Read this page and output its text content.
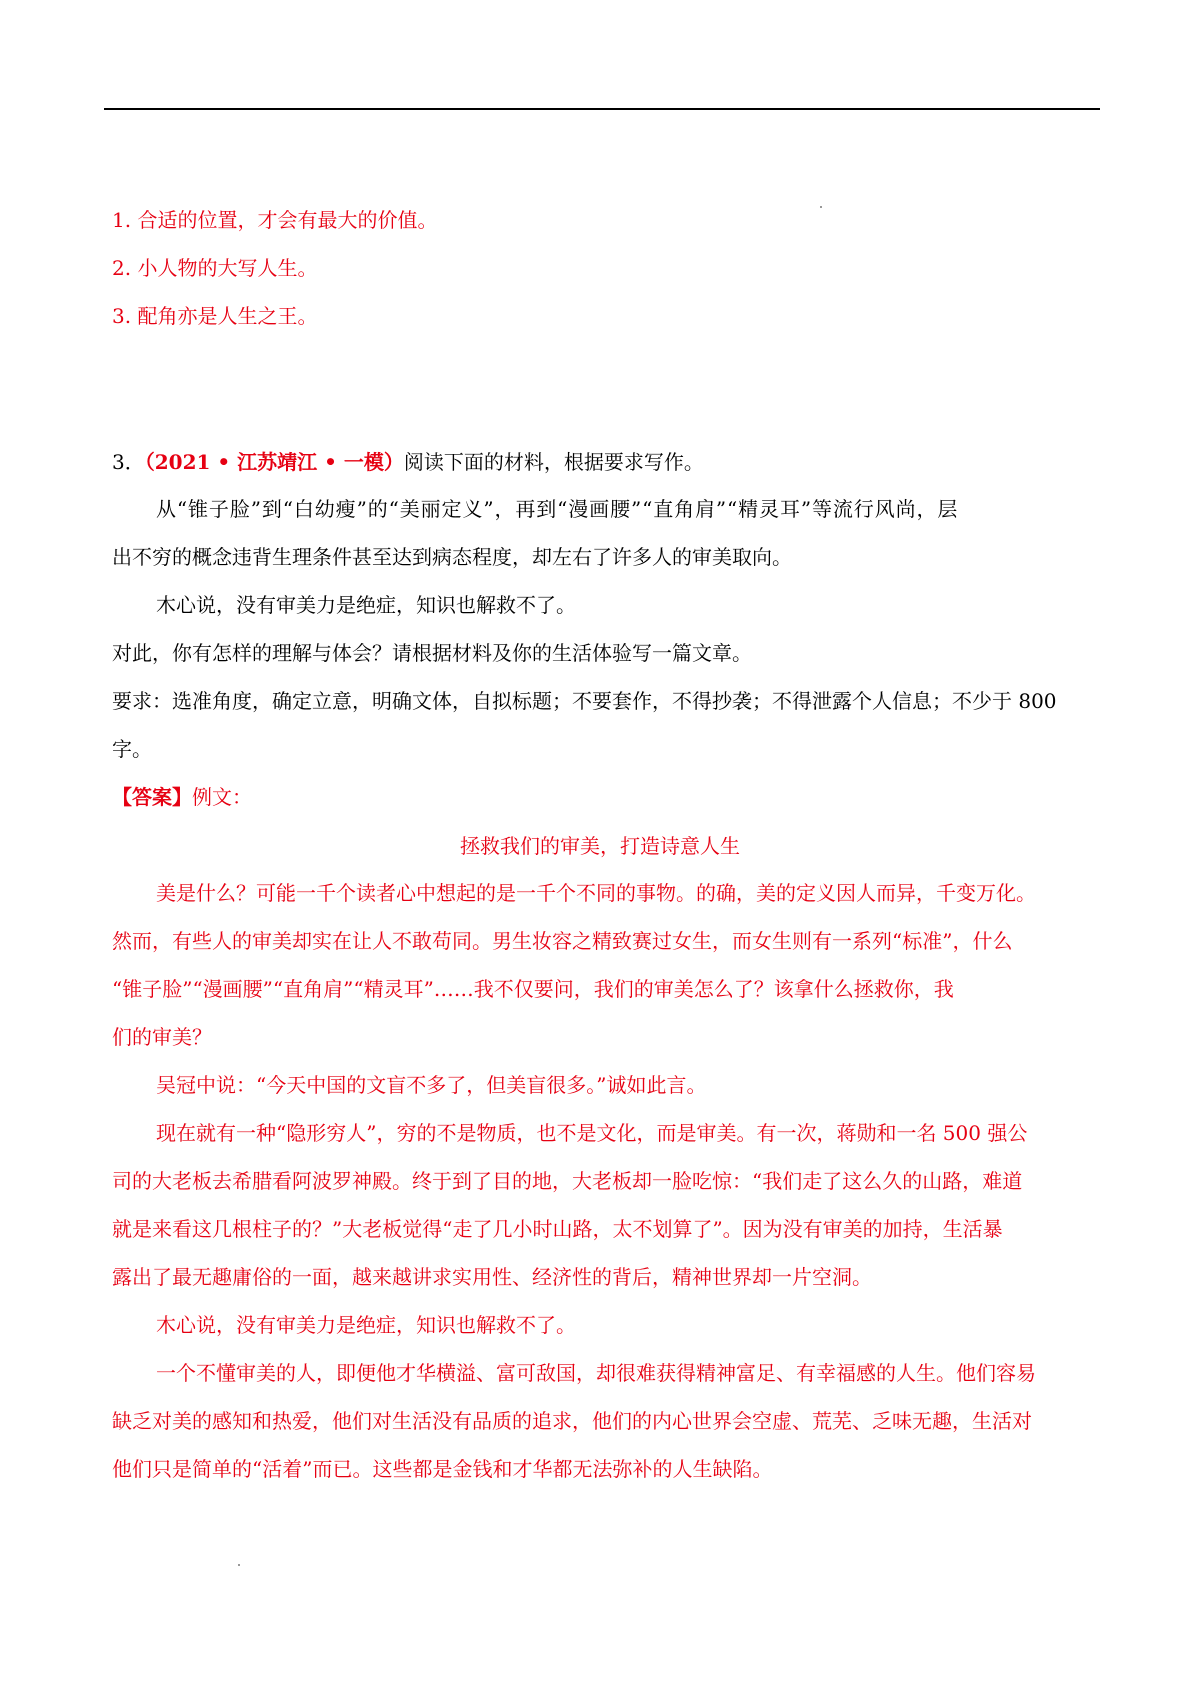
1. 合适的位置，才会有最大的价值。
2. 小人物的大写人生。
3. 配角亦是人生之王。
3．（2021 • 江苏靖江 • 一模）阅读下面的材料，根据要求写作。
从“锥子脸”到“白幼瘦”的“美丽定义”，再到“漫画腰”“直角肩”“精灵耳”等流行风尚，层
出不穷的概念违背生理条件甚至达到病态程度，却左右了许多人的审美取向。
木心说，没有审美力是绝症，知识也解救不了。
对此，你有怎样的理解与体会？请根据材料及你的生活体验写一篇文章。
要求：选准角度，确定立意，明确文体，自拟标题；不要套作，不得抄袭；不得泄露个人信息；不少于 800
字。
【答案】例文：
拯救我们的审美，打造诗意人生
美是什么？可能一千个读者心中想起的是一千个不同的事物。的确，美的定义因人而异，千变万化。
然而，有些人的审美却实在让人不敢苟同。男生妆容之精致赛过女生，而女生则有一系列“标准”，什么
“锥子脸”“漫画腰”“直角肩”“精灵耳”……我不仅要问，我们的审美怎么了？该拿什么拯救你，我
们的审美？
吴冠中说：“今天中国的文盲不多了，但美盲很多。”诚如此言。
现在就有一种“隐形穷人”，穷的不是物质，也不是文化，而是审美。有一次，蒋勋和一名 500 强公
司的大老板去希腊看阿波罗神殿。终于到了目的地，大老板却一脸吃惊：“我们走了这么久的山路，难道
就是来看这几根柱子的？”大老板觉得“走了几小时山路，太不划算了”。因为没有审美的加持，生活暴
露出了最无趣庸俗的一面，越来越讲求实用性、经济性的背后，精神世界却一片空洞。
木心说，没有审美力是绝症，知识也解救不了。
一个不懂审美的人，即便他才华横溢、富可敌国，却很难获得精神富足、有幸福感的人生。他们容易
缺乏对美的感知和热爱，他们对生活没有品质的追求，他们的内心世界会空虚、荒芜、乏味无趣，生活对
他们只是简单的“活着”而已。这些都是金钱和才华都无法弥补的人生缺陷。
